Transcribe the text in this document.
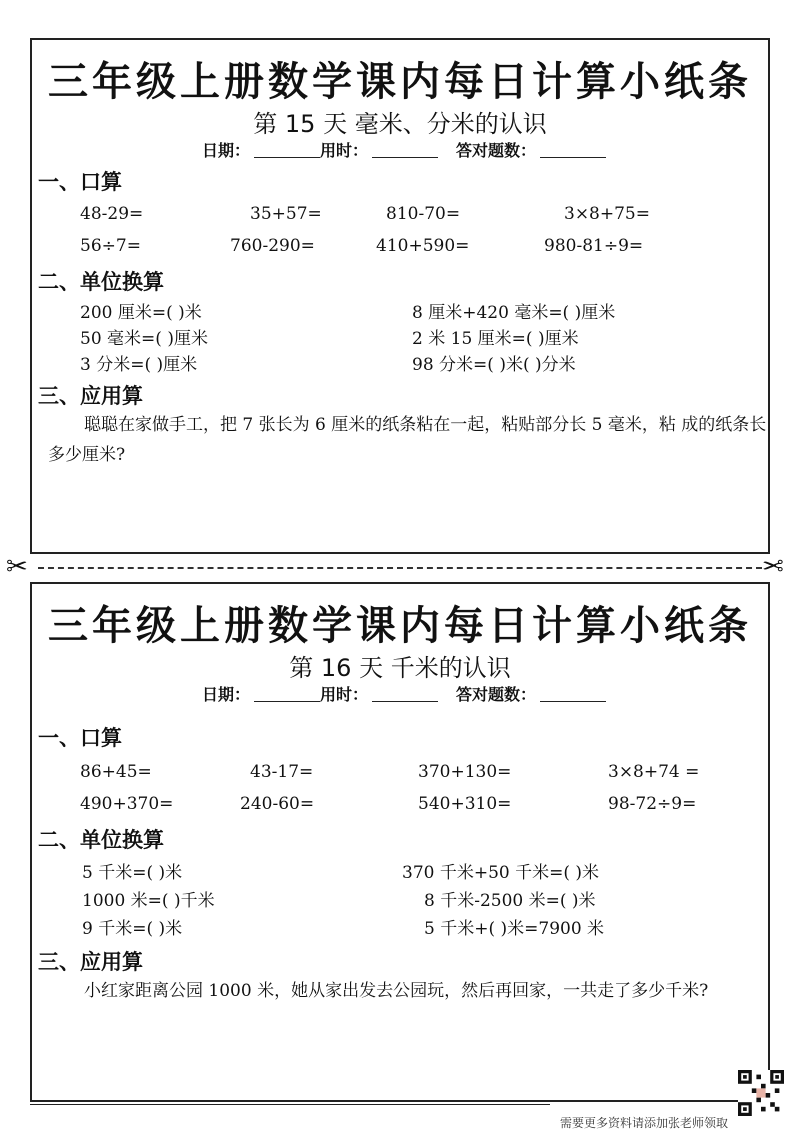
三年级上册数学课内每日计算小纸条
第 15 天 毫米、分米的认识
日期：	用时：	答对题数：
一、口算
48-29=	35+57=	810-70=	3×8+75=
56÷7=	760-290=	410+590=	980-81÷9=
二、单位换算
200 厘米=( )米	8 厘米+420 毫米=( )厘米
50 毫米=( )厘米	2 米 15 厘米=( )厘米
3 分米=( )厘米	98 分米=( )米( )分米
三、应用算
聪聪在家做手工，把 7 张长为 6 厘米的纸条粘在一起，粘贴部分长 5 毫米，粘 成的纸条长多少厘米?
✂	✂
三年级上册数学课内每日计算小纸条
第 16 天 千米的认识
日期：	用时：	答对题数：
一、口算
86+45=	43-17=	370+130=	3×8+74 =
490+370=	240-60=	540+310=	98-72÷9=
二、单位换算
5 千米=( )米	370 千米+50 千米=( )米
1000 米=( )千米	8 千米-2500 米=( )米
9 千米=( )米	5 千米+( )米=7900 米
三、应用算
小红家距离公园 1000 米，她从家出发去公园玩，然后再回家，一共走了多少千米?
需要更多资料请添加张老师领取
